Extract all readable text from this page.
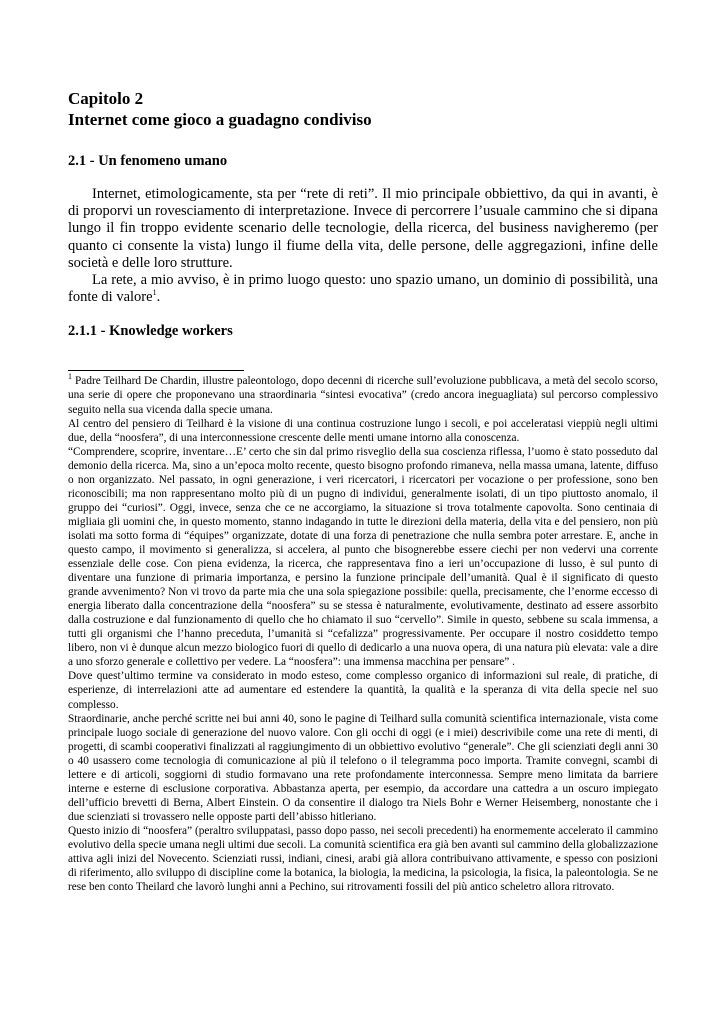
Capitolo 2
Internet come gioco a guadagno condiviso
2.1 - Un fenomeno umano

Internet, etimologicamente, sta per “rete di reti”. Il mio principale obbiettivo, da qui in avanti, è di proporvi un rovesciamento di interpretazione. Invece di percorrere l’usuale cammino che si dipana lungo il fin troppo evidente scenario delle tecnologie, della ricerca, del business navigheremo (per quanto ci consente la vista) lungo il fiume della vita, delle persone, delle aggregazioni, infine delle società e delle loro strutture.

La rete, a mio avviso, è in primo luogo questo: uno spazio umano, un dominio di possibilità, una fonte di valore$^1$.

2.1.1 - Knowledge workers

$^1$ Padre Teilhard De Chardin, illustre paleontologo, dopo decenni di ricerche sull’evoluzione pubblicava, a metà del secolo scorso, una serie di opere che proponevano una straordinaria “sintesi evocativa” (credo ancora ineguagliata) sul percorso complessivo seguito nella sua vicenda dalla specie umana.

Al centro del pensiero di Teilhard è la visione di una continua costruzione lungo i secoli, e poi acceleratasi vieppiù negli ultimi due, della “noosfera”, di una interconnessione crescente delle menti umane intorno alla conoscenza.

“Comprendere, scoprire, inventare…E’ certo che sin dal primo risveglio della sua coscienza riflessa, l’uomo è stato posseduto dal demonio della ricerca. Ma, sino a un’epoca molto recente, questo bisogno profondo rimaneva, nella massa umana, latente, diffuso o non organizzato. Nel passato, in ogni generazione, i veri ricercatori, i ricercatori per vocazione o per professione, sono ben riconoscibili; ma non rappresentano molto più di un pugno di individui, generalmente isolati, di un tipo piuttosto anomalo, il gruppo dei “curiosi”. Oggi, invece, senza che ce ne accorgiamo, la situazione si trova totalmente capovolta. Sono centinaia di migliaia gli uomini che, in questo momento, stanno indagando in tutte le direzioni della materia, della vita e del pensiero, non più isolati ma sotto forma di “équipes” organizzate, dotate di una forza di penetrazione che nulla sembra poter arrestare. E, anche in questo campo, il movimento si generalizza, si accelera, al punto che bisognerebbe essere ciechi per non vedervi una corrente essenziale delle cose. Con piena evidenza, la ricerca, che rappresentava fino a ieri un’occupazione di lusso, è sul punto di diventare una funzione di primaria importanza, e persino la funzione principale dell’umanità. Qual è il significato di questo grande avvenimento? Non vi trovo da parte mia che una sola spiegazione possibile: quella, precisamente, che l’enorme eccesso di energia liberato dalla concentrazione della “noosfera” su se stessa è naturalmente, evolutivamente, destinato ad essere assorbito dalla costruzione e dal funzionamento di quello che ho chiamato il suo “cervello”. Simile in questo, sebbene su scala immensa, a tutti gli organismi che l’hanno preceduta, l’umanità si “cefalizza” progressivamente. Per occupare il nostro cosiddetto tempo libero, non vi è dunque alcun mezzo biologico fuori di quello di dedicarlo a una nuova opera, di una natura più elevata: vale a dire a uno sforzo generale e collettivo per vedere. La “noosfera”: una immensa macchina per pensare” .

Dove quest’ultimo termine va considerato in modo esteso, come complesso organico di informazioni sul reale, di pratiche, di esperienze, di interrelazioni atte ad aumentare ed estendere la quantità, la qualità e la speranza di vita della specie nel suo complesso.

Straordinarie, anche perché scritte nei bui anni 40, sono le pagine di Teilhard sulla comunità scientifica internazionale, vista come principale luogo sociale di generazione del nuovo valore. Con gli occhi di oggi (e i miei) descrivibile come una rete di menti, di progetti, di scambi cooperativi finalizzati al raggiungimento di un obbiettivo evolutivo “generale”. Che gli scienziati degli anni 30 o 40 usassero come tecnologia di comunicazione al più il telefono o il telegramma poco importa. Tramite convegni, scambi di lettere e di articoli, soggiorni di studio formavano una rete profondamente interconnessa. Sempre meno limitata da barriere interne e esterne di esclusione corporativa. Abbastanza aperta, per esempio, da accordare una cattedra a un oscuro impiegato dell’ufficio brevetti di Berna, Albert Einstein. O da consentire il dialogo tra Niels Bohr e Werner Heisemberg, nonostante che i due scienziati si trovassero nelle opposte parti dell’abisso hitleriano.

Questo inizio di “noosfera” (peraltro sviluppatasi, passo dopo passo, nei secoli precedenti) ha enormemente accelerato il cammino evolutivo della specie umana negli ultimi due secoli. La comunità scientifica era già ben avanti sul cammino della globalizzazione attiva agli inizi del Novecento. Scienziati russi, indiani, cinesi, arabi già allora contribuivano attivamente, e spesso con posizioni di riferimento, allo sviluppo di discipline come la botanica, la biologia, la medicina, la psicologia, la fisica, la paleontologia. Se ne rese ben conto Theilard che lavorò lunghi anni a Pechino, sui ritrovamenti fossili del più antico scheletro allora ritrovato.
